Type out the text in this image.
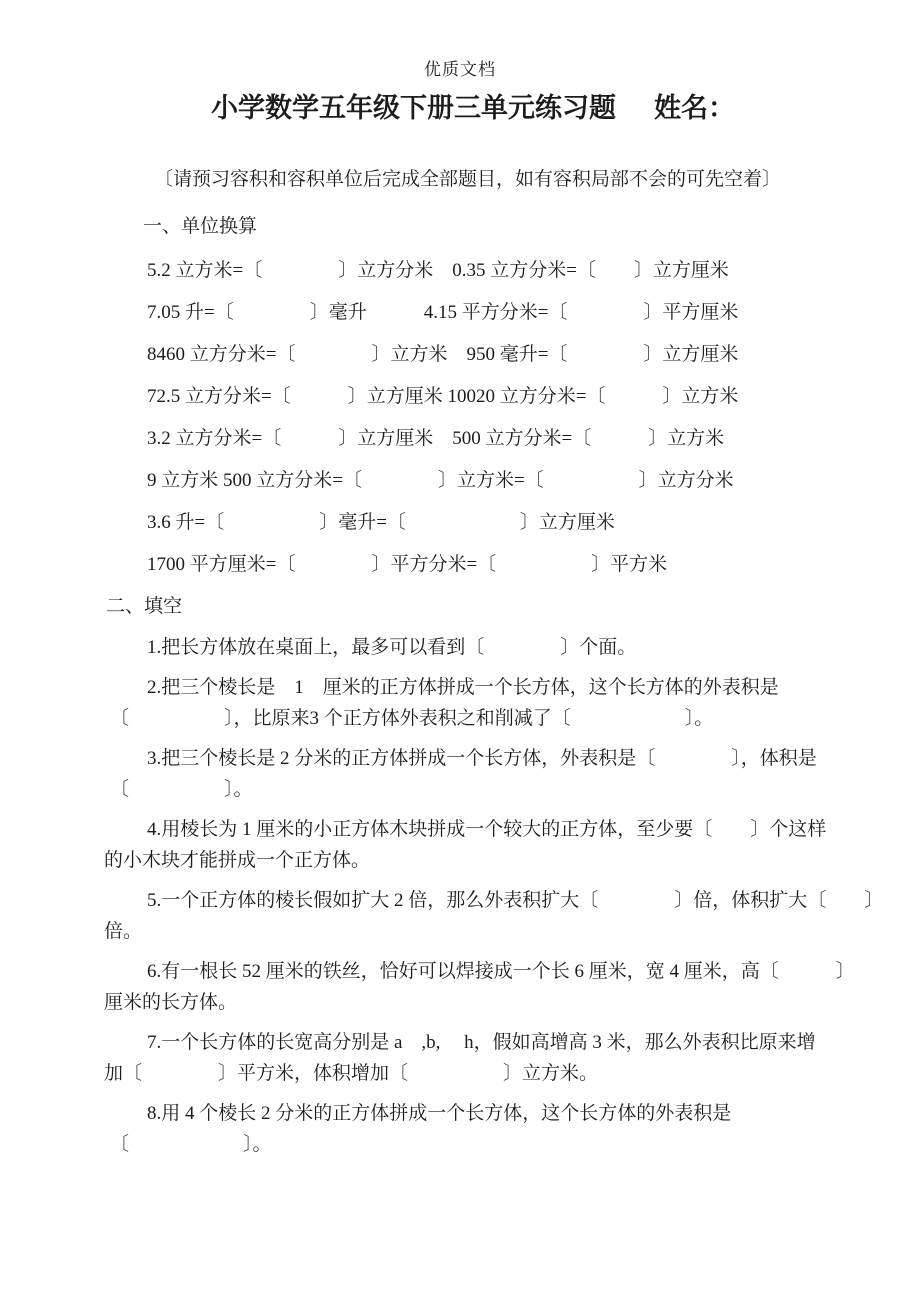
优质文档
小学数学五年级下册三单元练习题 姓名：
〔请预习容积和容积单位后完成全部题目，如有容积局部不会的可先空着〕
一、单位换算
5.2 立方米=〔　　　　〕立方分米　0.35 立方分米=〔　　〕立方厘米
7.05 升=〔　　　　〕毫升　　　4.15 平方分米=〔　　　　〕平方厘米
8460 立方分米=〔　　　　〕立方米　950 毫升=〔　　　　〕立方厘米
72.5 立方分米=〔　　　〕立方厘米 10020 立方分米=〔　　　〕立方米
3.2 立方分米=〔　　　〕立方厘米　500 立方分米=〔　　　〕立方米
9 立方米 500 立方分米=〔　　　　〕立方米=〔　　　　　〕立方分米
3.6 升=〔　　　　　〕毫升=〔　　　　　　〕立方厘米
1700 平方厘米=〔　　　　〕平方分米=〔　　　　　〕平方米
二、填空
1.把长方体放在桌面上，最多可以看到〔　　　　〕个面。
2.把三个棱长是　1　厘米的正方体拼成一个长方体，这个长方体的外表积是
〔　　　　　〕，比原来3 个正方体外表积之和削减了〔　　　　　　〕。
3.把三个棱长是 2 分米的正方体拼成一个长方体，外表积是〔　　　　〕，体积是
〔　　　　　〕。
4.用棱长为 1 厘米的小正方体木块拼成一个较大的正方体，至少要〔　　〕个这样
的小木块才能拼成一个正方体。
5.一个正方体的棱长假如扩大 2 倍，那么外表积扩大〔　　　　〕倍，体积扩大〔　　〕
倍。
6.有一根长 52 厘米的铁丝，恰好可以焊接成一个长 6 厘米，宽 4 厘米，高〔　　　〕
厘米的长方体。
7.一个长方体的长宽高分别是 a　,b,　 h，假如高增高 3 米，那么外表积比原来增
加〔　　　　〕平方米，体积增加〔　　　　　〕立方米。
8.用 4 个棱长 2 分米的正方体拼成一个长方体，这个长方体的外表积是
〔　　　　　　〕。
